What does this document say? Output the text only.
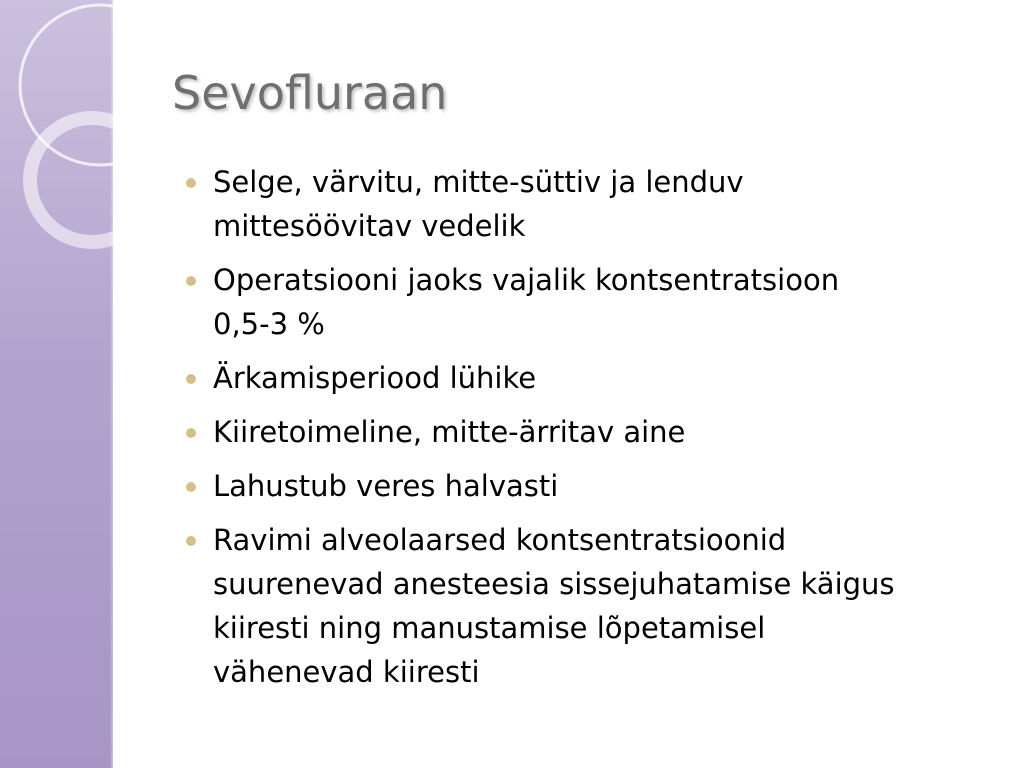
Sevofluraan
Selge, värvitu, mitte-süttiv ja lenduv
mittesöövitav vedelik
Operatsiooni jaoks vajalik kontsentratsioon
0,5-3 %
Ärkamisperiood lühike
Kiiretoimeline, mitte-ärritav aine
Lahustub veres halvasti
Ravimi alveolaarsed kontsentratsioonid
suurenevad anesteesia sissejuhatamise käigus
kiiresti ning manustamise lõpetamisel
vähenevad kiiresti
